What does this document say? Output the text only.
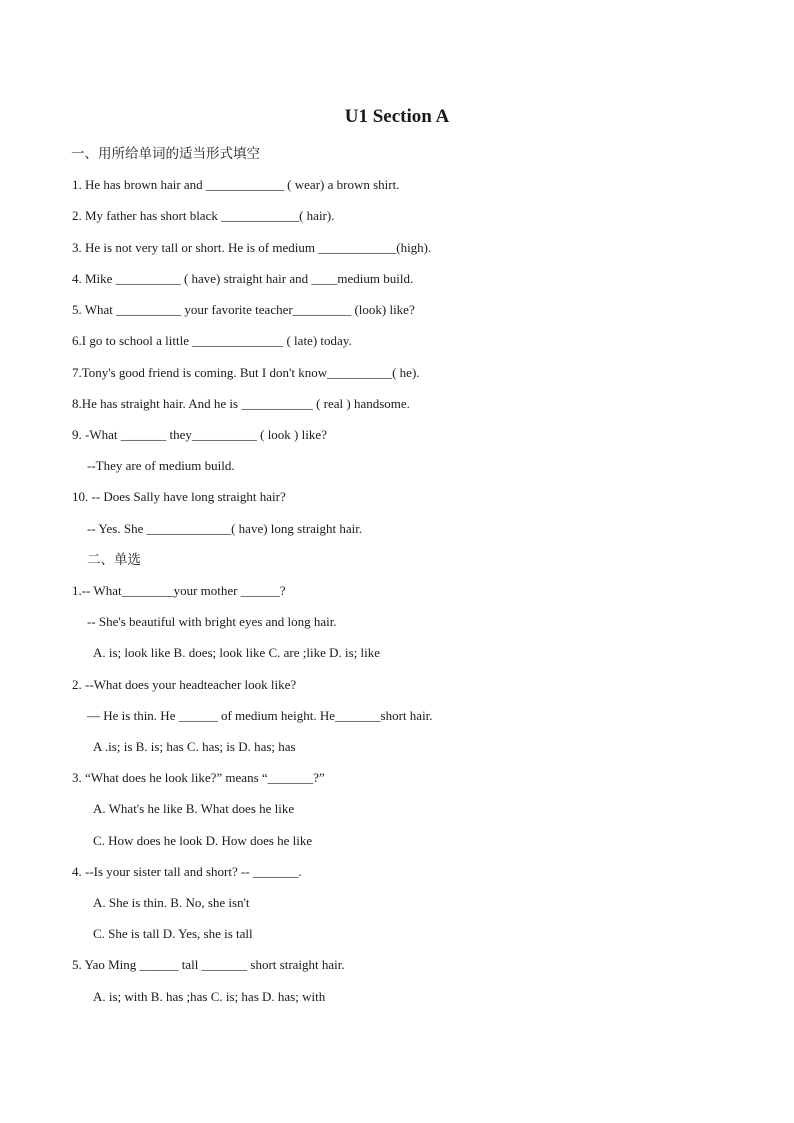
U1 Section A
一、用所给单词的适当形式填空
1. He has brown hair and ____________ ( wear) a brown shirt.
2. My father has short black ____________( hair).
3. He is not very tall or short. He is of medium ____________(high).
4. Mike __________ ( have) straight hair and ____medium build.
5. What __________ your favorite teacher_________ (look) like?
6.I go to school a little ______________ ( late) today.
7.Tony's good friend is coming. But I don't know__________( he).
8.He has straight hair. And he is ___________ ( real ) handsome.
9. -What _______ they__________ ( look ) like?
--They are of medium build.
10. -- Does Sally have long straight hair?
-- Yes. She _____________( have) long straight hair.
二、单选
1.-- What________your mother ______?
-- She's beautiful with bright eyes and long hair.
A. is; look like B. does; look like C. are ;like D. is; like
2. --What does your headteacher look like?
— He is thin. He ______ of medium height. He_______short hair.
A .is; is B. is; has C. has; is D. has; has
3. “What does he look like?” means “_______?”
A. What's he like B. What does he like
C. How does he look D. How does he like
4. --Is your sister tall and short? -- _______.
A. She is thin. B. No, she isn't
C. She is tall D. Yes, she is tall
5. Yao Ming ______ tall _______ short straight hair.
A. is; with B. has ;has C. is; has D. has; with
